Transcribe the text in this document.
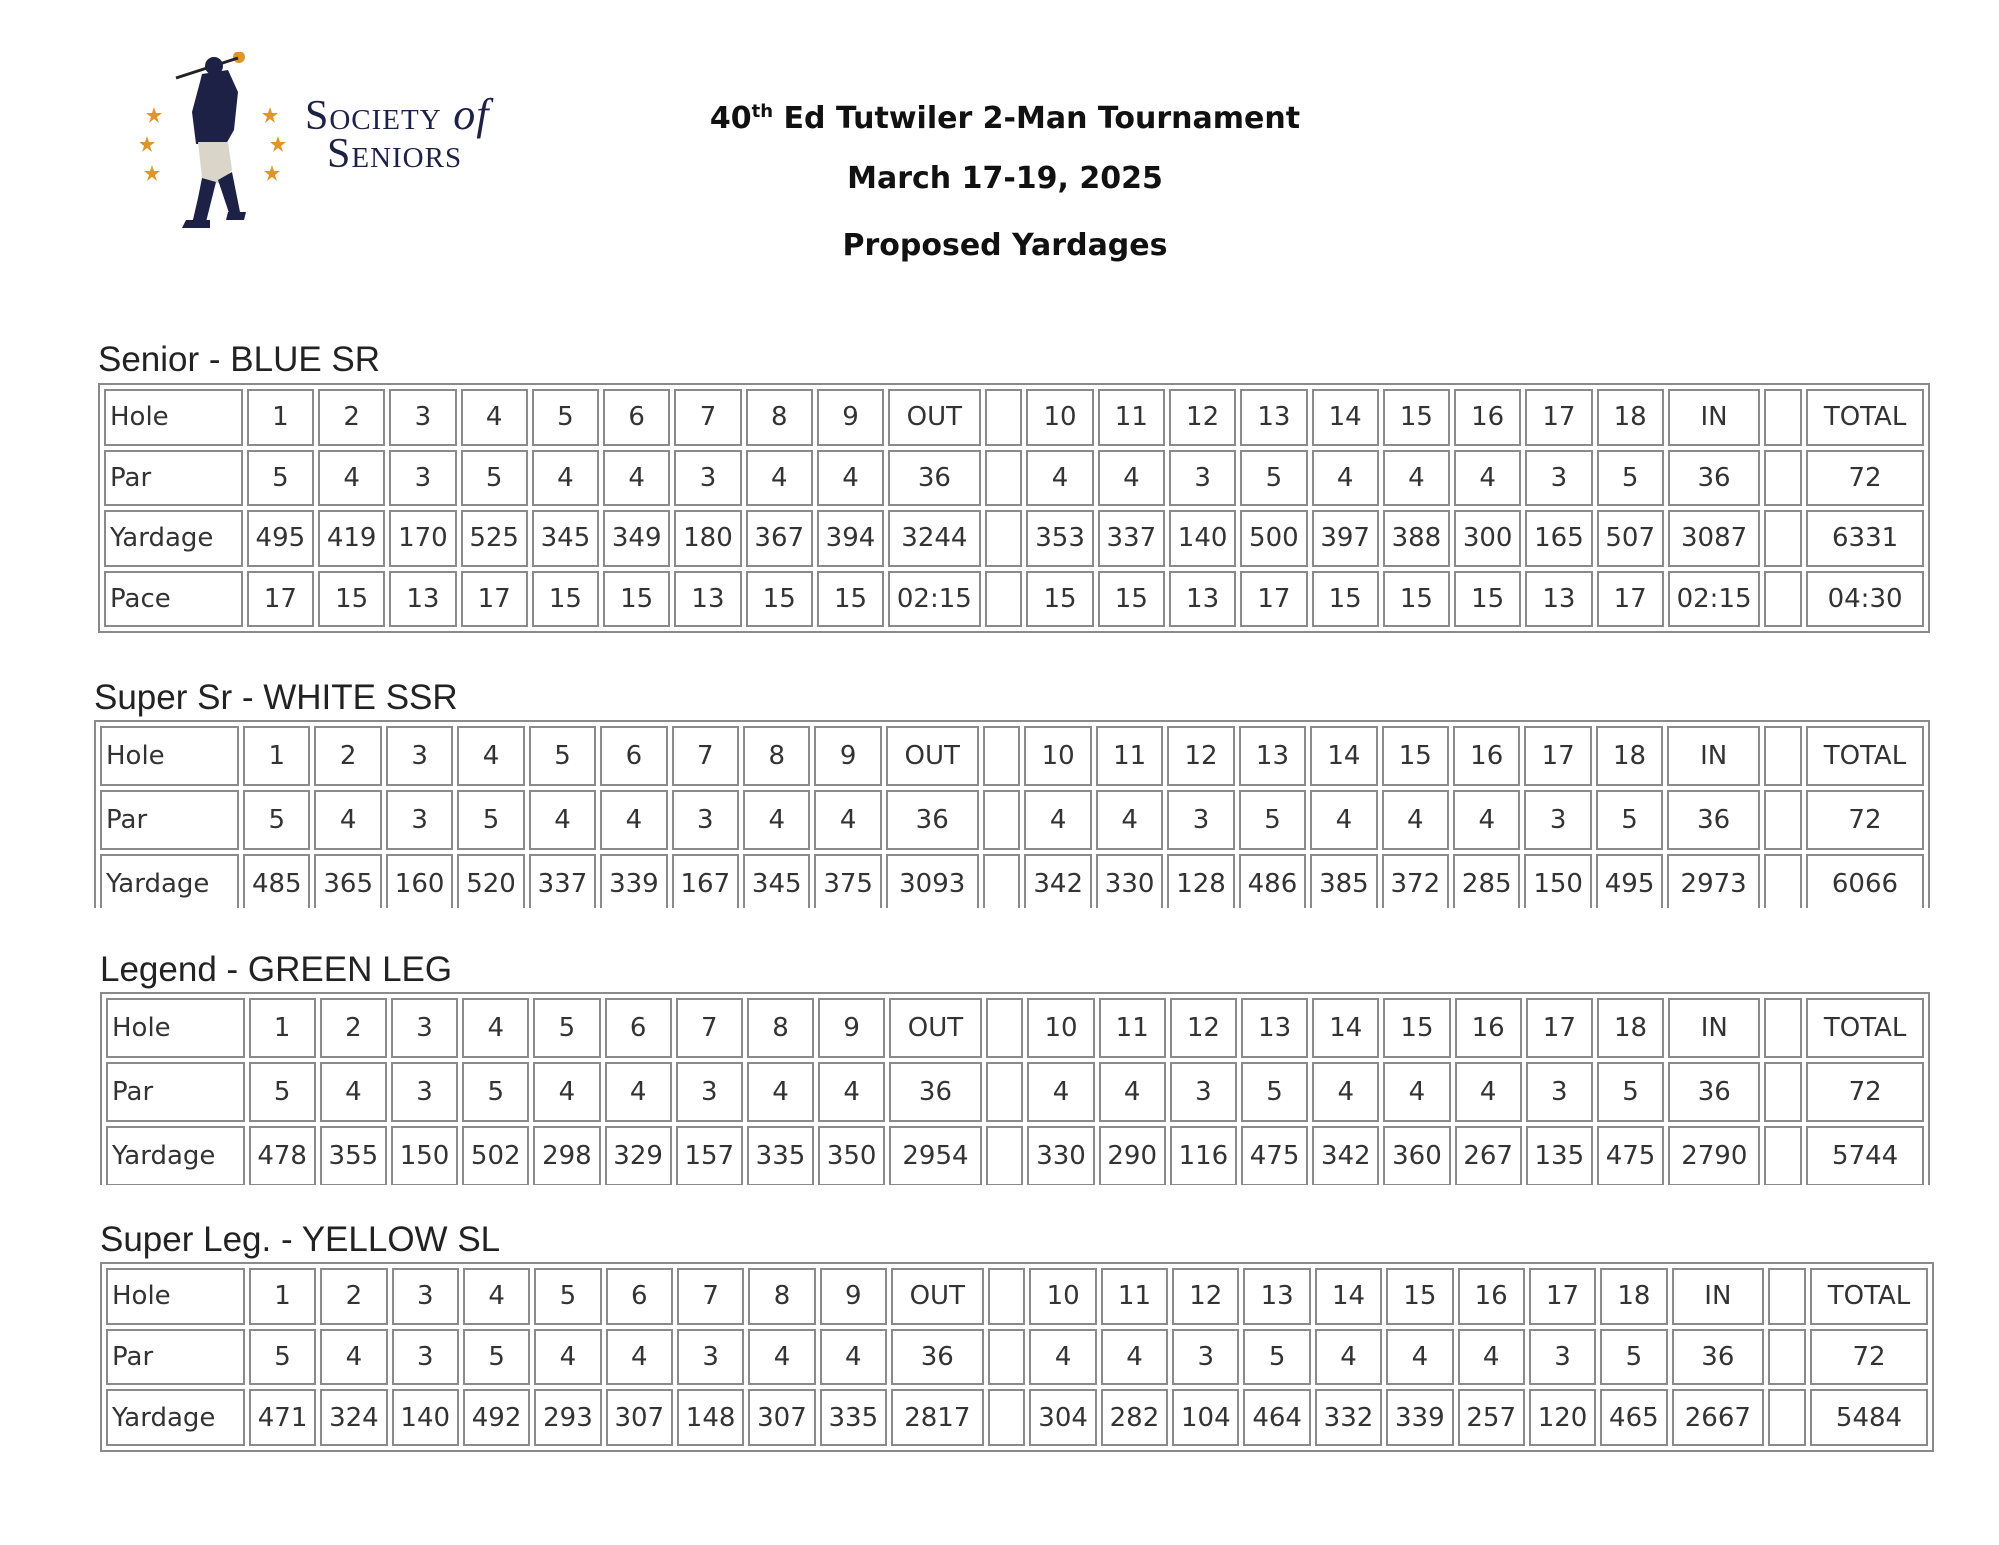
Society of
Seniors
40th Ed Tutwiler 2-Man Tournament
March 17-19, 2025
Proposed Yardages
Senior - BLUE SR
Hole	1	2	3	4	5	6	7	8	9	OUT		10	11	12	13	14	15	16	17	18	IN		TOTAL
Par	5	4	3	5	4	4	3	4	4	36		4	4	3	5	4	4	4	3	5	36		72
Yardage	495	419	170	525	345	349	180	367	394	3244		353	337	140	500	397	388	300	165	507	3087		6331
Pace	17	15	13	17	15	15	13	15	15	02:15		15	15	13	17	15	15	15	13	17	02:15		04:30
Super Sr - WHITE SSR
Hole	1	2	3	4	5	6	7	8	9	OUT		10	11	12	13	14	15	16	17	18	IN		TOTAL
Par	5	4	3	5	4	4	3	4	4	36		4	4	3	5	4	4	4	3	5	36		72
Yardage	485	365	160	520	337	339	167	345	375	3093		342	330	128	486	385	372	285	150	495	2973		6066
Legend - GREEN LEG
Hole	1	2	3	4	5	6	7	8	9	OUT		10	11	12	13	14	15	16	17	18	IN		TOTAL
Par	5	4	3	5	4	4	3	4	4	36		4	4	3	5	4	4	4	3	5	36		72
Yardage	478	355	150	502	298	329	157	335	350	2954		330	290	116	475	342	360	267	135	475	2790		5744
Super Leg. - YELLOW SL
Hole	1	2	3	4	5	6	7	8	9	OUT		10	11	12	13	14	15	16	17	18	IN		TOTAL
Par	5	4	3	5	4	4	3	4	4	36		4	4	3	5	4	4	4	3	5	36		72
Yardage	471	324	140	492	293	307	148	307	335	2817		304	282	104	464	332	339	257	120	465	2667		5484
